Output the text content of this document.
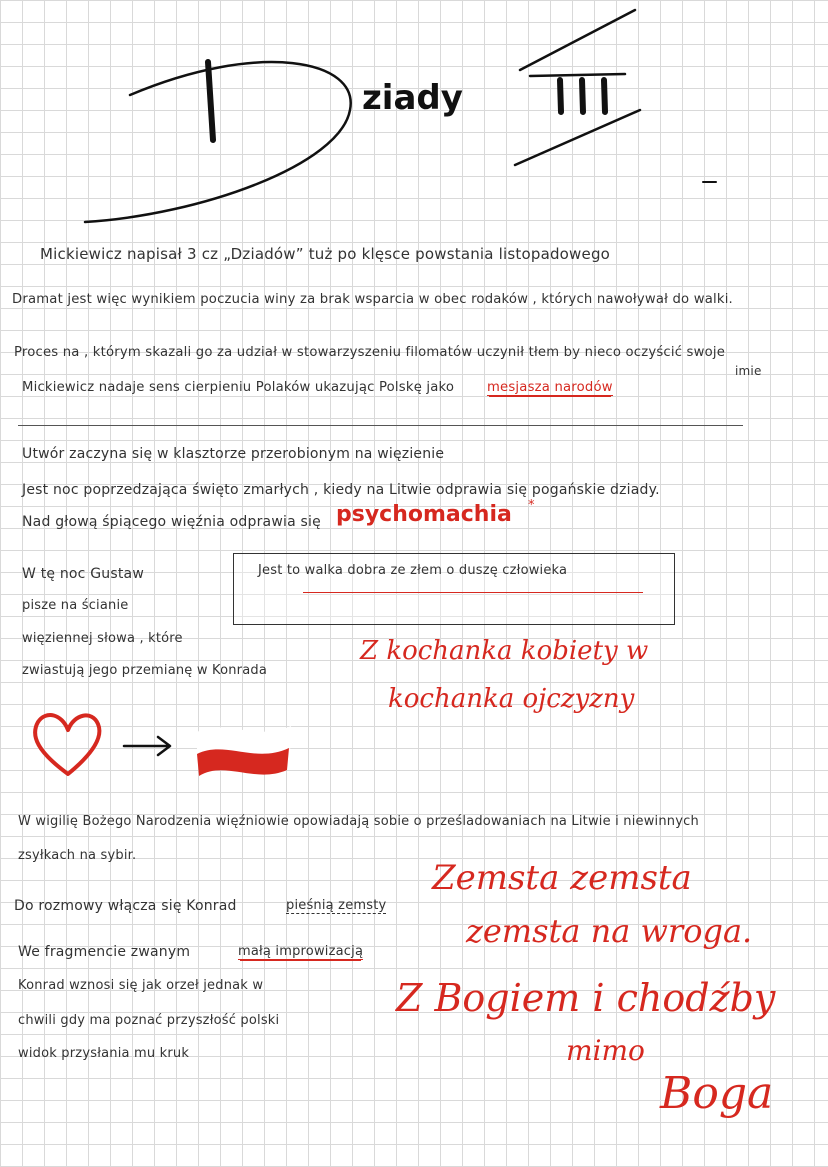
ziady
Mickiewicz napisał 3 cz „Dziadów” tuż po klęsce powstania listopadowego
Dramat jest więc wynikiem poczucia winy za brak wsparcia w obec rodaków , których nawoływał do walki.
Proces na , którym skazali go za udział w stowarzyszeniu filomatów uczynił tłem by nieco oczyścić swoje
imie
Mickiewicz nadaje sens cierpieniu Polaków ukazując Polskę jako mesjasza narodów
Utwór zaczyna się w klasztorze przerobionym na więzienie
Jest noc poprzedzająca święto zmarłych , kiedy na Litwie odprawia się pogańskie dziady.
Nad głową śpiącego więźnia odprawia się psychomachia *
W tę noc Gustaw
pisze na ścianie
więziennej słowa , które
zwiastują jego przemianę w Konrada
Jest to walka dobra ze złem o duszę człowieka
Z kochanka kobiety w
kochanka ojczyzny
W wigilię Bożego Narodzenia więźniowie opowiadają sobie o prześladowaniach na Litwie i niewinnych
zsyłkach na sybir.
Do rozmowy włącza się Konrad	pieśnią zemsty
We fragmencie zwanym	małą improwizacją
Konrad wznosi się jak orzeł jednak w
chwili gdy ma poznać przyszłość polski
widok przysłania mu kruk
Zemsta zemsta
zemsta na wroga.
Z Bogiem i chodźby
mimo
Boga
